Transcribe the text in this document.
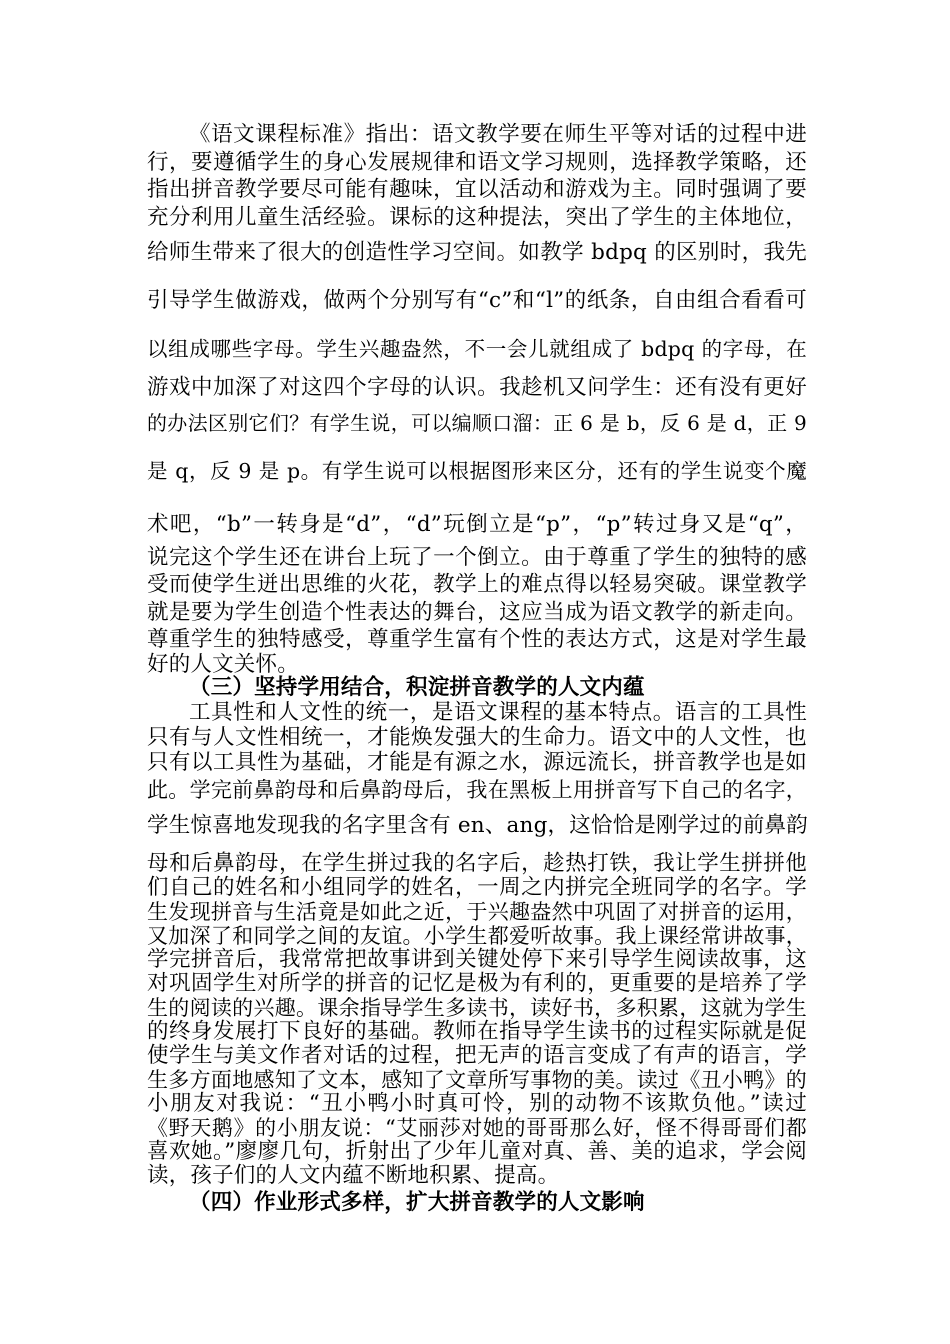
《语文课程标准》指出：语文教学要在师生平等对话的过程中进
行，要遵循学生的身心发展规律和语文学习规则，选择教学策略，还
指出拼音教学要尽可能有趣味，宜以活动和游戏为主。同时强调了要
充分利用儿童生活经验。课标的这种提法，突出了学生的主体地位，
给师生带来了很大的创造性学习空间。如教学 bdpq 的区别时，我先
引导学生做游戏，做两个分别写有“c”和“l”的纸条，自由组合看看可
以组成哪些字母。学生兴趣盎然，不一会儿就组成了 bdpq 的字母，在
游戏中加深了对这四个字母的认识。我趁机又问学生：还有没有更好
的办法区别它们？有学生说，可以编顺口溜：正 6 是 b，反 6 是 d，正 9
是 q，反 9 是 p。有学生说可以根据图形来区分，还有的学生说变个魔
术吧，“b”一转身是“d”，“d”玩倒立是“p”，“p”转过身又是“q”，
说完这个学生还在讲台上玩了一个倒立。由于尊重了学生的独特的感
受而使学生迸出思维的火花，教学上的难点得以轻易突破。课堂教学
就是要为学生创造个性表达的舞台，这应当成为语文教学的新走向。
尊重学生的独特感受，尊重学生富有个性的表达方式，这是对学生最
好的人文关怀。
（三）坚持学用结合，积淀拼音教学的人文内蕴
工具性和人文性的统一，是语文课程的基本特点。语言的工具性
只有与人文性相统一，才能焕发强大的生命力。语文中的人文性，也
只有以工具性为基础，才能是有源之水，源远流长，拼音教学也是如
此。学完前鼻韵母和后鼻韵母后，我在黑板上用拼音写下自己的名字，
学生惊喜地发现我的名字里含有 en、ang，这恰恰是刚学过的前鼻韵
母和后鼻韵母，在学生拼过我的名字后，趁热打铁，我让学生拼拼他
们自己的姓名和小组同学的姓名，一周之内拼完全班同学的名字。学
生发现拼音与生活竟是如此之近，于兴趣盎然中巩固了对拼音的运用，
又加深了和同学之间的友谊。小学生都爱听故事。我上课经常讲故事，
学完拼音后，我常常把故事讲到关键处停下来引导学生阅读故事，这
对巩固学生对所学的拼音的记忆是极为有利的，更重要的是培养了学
生的阅读的兴趣。课余指导学生多读书，读好书，多积累，这就为学生
的终身发展打下良好的基础。教师在指导学生读书的过程实际就是促
使学生与美文作者对话的过程，把无声的语言变成了有声的语言，学
生多方面地感知了文本，感知了文章所写事物的美。读过《丑小鸭》的
小朋友对我说：“丑小鸭小时真可怜，别的动物不该欺负他。”读过
《野天鹅》的小朋友说：“艾丽莎对她的哥哥那么好，怪不得哥哥们都
喜欢她。”廖廖几句，折射出了少年儿童对真、善、美的追求，学会阅
读，孩子们的人文内蕴不断地积累、提高。
（四）作业形式多样，扩大拼音教学的人文影响
